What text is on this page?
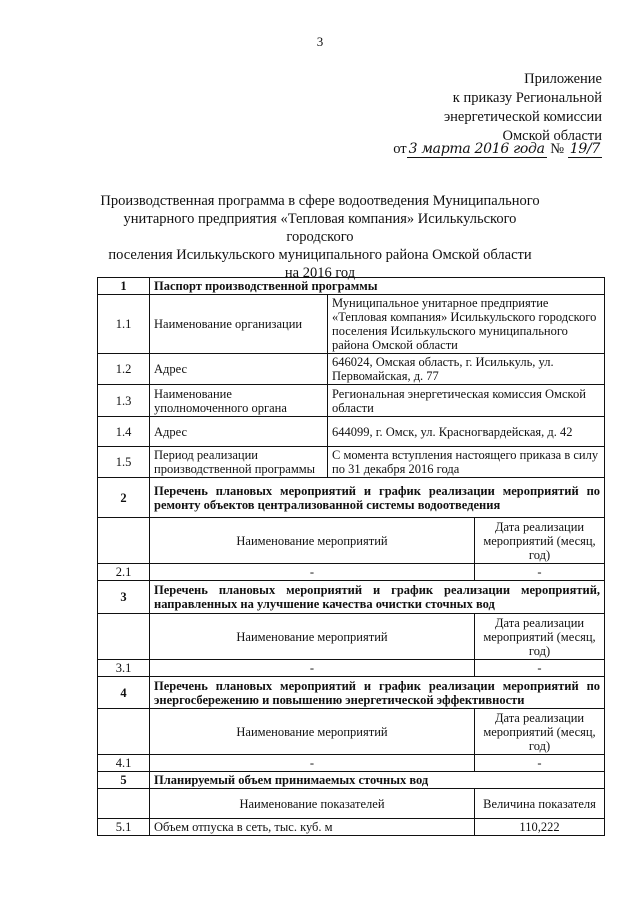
3
Приложение
к приказу Региональной
энергетической комиссии
Омской области
от 3 марта 2016 года № 19/7
Производственная программа в сфере водоотведения Муниципального
унитарного предприятия «Тепловая компания» Исилькульского городского
поселения Исилькульского муниципального района Омской области
на 2016 год
1	Паспорт производственной программы		
1.1	Наименование организации	Муниципальное унитарное предприятие «Тепловая компания» Исилькульского городского поселения Исилькульского муниципального района Омской области	
1.2	Адрес	646024, Омская область, г. Исилькуль, ул. Первомайская, д. 77	
1.3	Наименование уполномоченного органа	Региональная энергетическая комиссия Омской области	
1.4	Адрес	644099, г. Омск, ул. Красногвардейская, д. 42	
1.5	Период реализации производственной программы	С момента вступления настоящего приказа в силу по 31 декабря 2016 года	
2	Перечень плановых мероприятий и график реализации мероприятий по ремонту объектов централизованной системы водоотведения		
	Наименование мероприятий		Дата реализации мероприятий (месяц, год)
2.1	-		-
3	Перечень плановых мероприятий и график реализации мероприятий, направленных на улучшение качества очистки сточных вод		
	Наименование мероприятий		Дата реализации мероприятий (месяц, год)
3.1	-		-
4	Перечень плановых мероприятий и график реализации мероприятий по энергосбережению и повышению энергетической эффективности		
	Наименование мероприятий		Дата реализации мероприятий (месяц, год)
4.1	-		-
5	Планируемый объем принимаемых сточных вод		
	Наименование показателей		Величина показателя
5.1	Объем отпуска в сеть, тыс. куб. м		110,222
